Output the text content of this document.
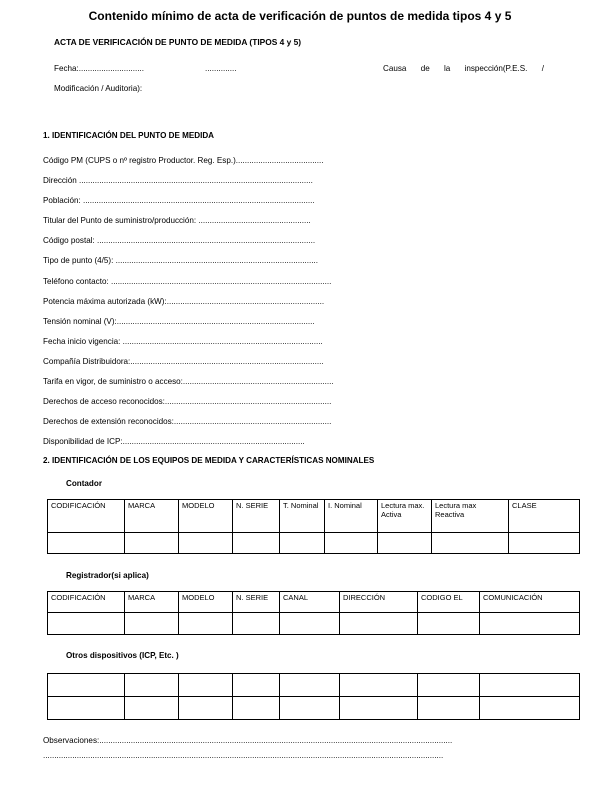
Contenido mínimo de acta de verificación de puntos de medida tipos 4 y 5
ACTA DE VERIFICACIÓN DE PUNTO DE MEDIDA (TIPOS 4 y 5)
Fecha:.............................	..............	Causa de la inspección(P.E.S. /
Modificación / Auditoria):
1. IDENTIFICACIÓN DEL PUNTO DE MEDIDA
Código PM (CUPS o nº registro Productor. Reg. Esp.).......................................
Dirección ........................................................................................................
Población: .......................................................................................................
Titular del Punto de suministro/producción: ..................................................
Código postal: .................................................................................................
Tipo de punto (4/5): ..........................................................................................
Teléfono contacto: ..................................................................................................
Potencia máxima autorizada (kW):......................................................................
Tensión nominal (V):........................................................................................
Fecha inicio vigencia: .........................................................................................
Compañía Distribuidora:......................................................................................
Tarifa en vigor, de suministro o acceso:...................................................................
Derechos de acceso reconocidos:..........................................................................
Derechos de extensión reconocidos:......................................................................
Disponibilidad de ICP:.................................................................................
2. IDENTIFICACIÓN DE LOS EQUIPOS DE MEDIDA Y CARACTERÍSTICAS NOMINALES
Contador
CODIFICACIÓN	MARCA	MODELO	N. SERIE	T. Nominal	I. Nominal	Lectura max. Activa	Lectura max Reactiva	CLASE

Registrador(si aplica)
CODIFICACIÓN	MARCA	MODELO	N. SERIE	CANAL	DIRECCIÓN	CODIGO EL	COMUNICACIÓN

Otros dispositivos (ICP, Etc. )

Observaciones:.............................................................................................................................................................
..................................................................................................................................................................................
